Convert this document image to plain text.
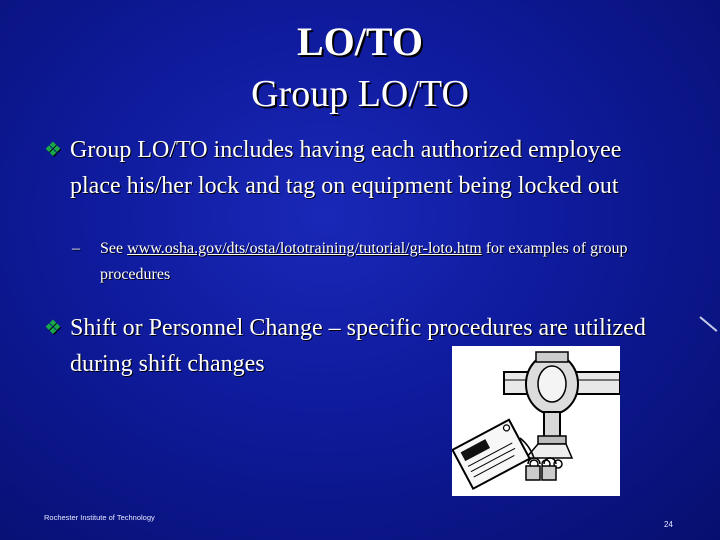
LO/TO
Group LO/TO
❖ Group LO/TO includes having each authorized employee place his/her lock and tag on equipment being locked out
– See www.osha.gov/dts/osta/lototraining/tutorial/gr-loto.htm for examples of group procedures
❖ Shift or Personnel Change – specific procedures are utilized during shift changes
Rochester Institute of Technology
24
